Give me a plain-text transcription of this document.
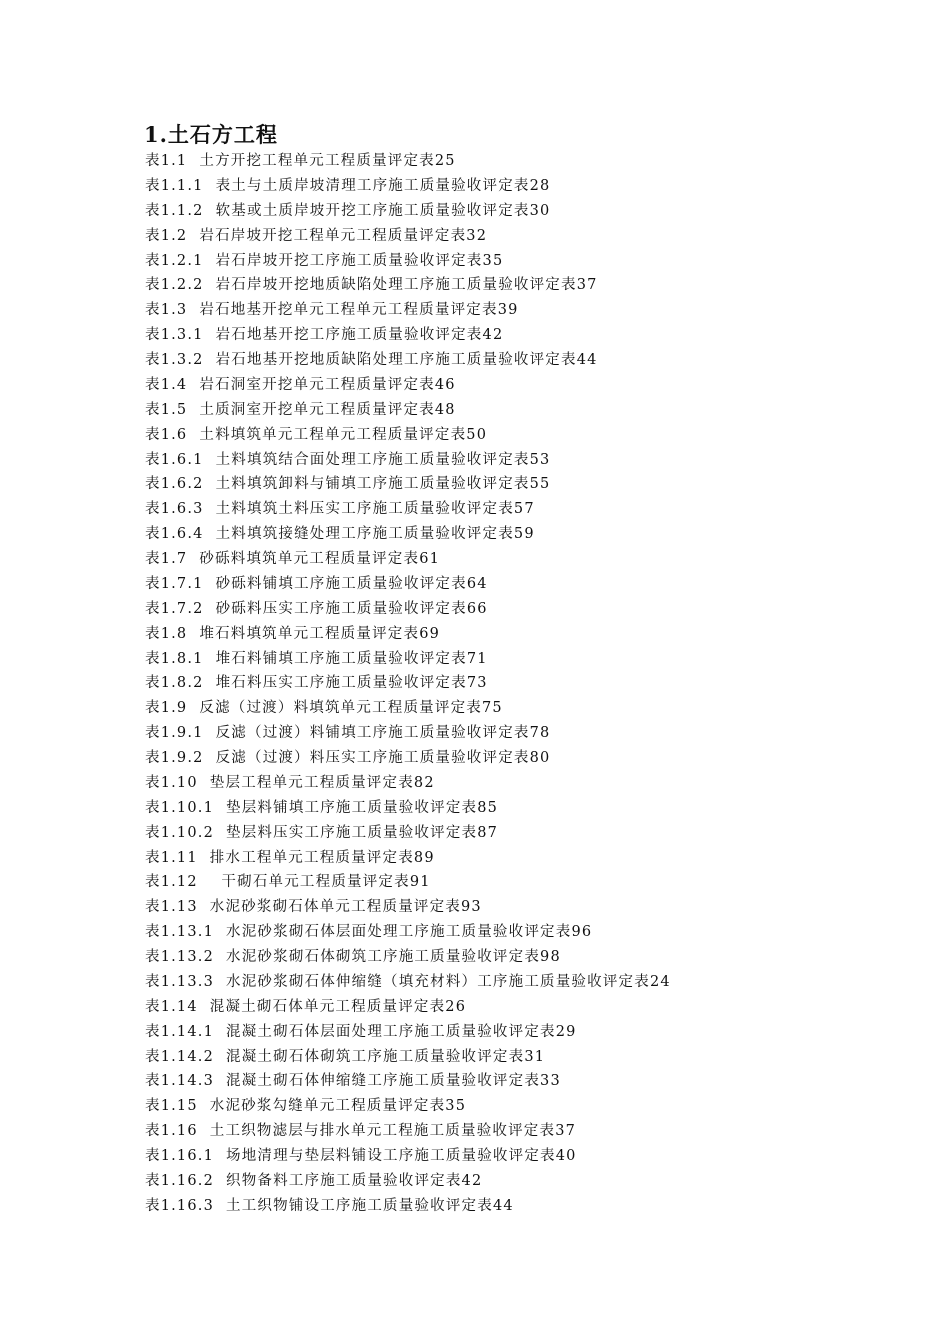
1.土石方工程
表1.1 土方开挖工程单元工程质量评定表25
表1.1.1 表土与土质岸坡清理工序施工质量验收评定表28
表1.1.2 软基或土质岸坡开挖工序施工质量验收评定表30
表1.2 岩石岸坡开挖工程单元工程质量评定表32
表1.2.1 岩石岸坡开挖工序施工质量验收评定表35
表1.2.2 岩石岸坡开挖地质缺陷处理工序施工质量验收评定表37
表1.3 岩石地基开挖单元工程单元工程质量评定表39
表1.3.1 岩石地基开挖工序施工质量验收评定表42
表1.3.2 岩石地基开挖地质缺陷处理工序施工质量验收评定表44
表1.4 岩石洞室开挖单元工程质量评定表46
表1.5 土质洞室开挖单元工程质量评定表48
表1.6 土料填筑单元工程单元工程质量评定表50
表1.6.1 土料填筑结合面处理工序施工质量验收评定表53
表1.6.2 土料填筑卸料与铺填工序施工质量验收评定表55
表1.6.3 土料填筑土料压实工序施工质量验收评定表57
表1.6.4 土料填筑接缝处理工序施工质量验收评定表59
表1.7 砂砾料填筑单元工程质量评定表61
表1.7.1 砂砾料铺填工序施工质量验收评定表64
表1.7.2 砂砾料压实工序施工质量验收评定表66
表1.8 堆石料填筑单元工程质量评定表69
表1.8.1 堆石料铺填工序施工质量验收评定表71
表1.8.2 堆石料压实工序施工质量验收评定表73
表1.9 反滤（过渡）料填筑单元工程质量评定表75
表1.9.1 反滤（过渡）料铺填工序施工质量验收评定表78
表1.9.2 反滤（过渡）料压实工序施工质量验收评定表80
表1.10 垫层工程单元工程质量评定表82
表1.10.1 垫层料铺填工序施工质量验收评定表85
表1.10.2 垫层料压实工序施工质量验收评定表87
表1.11 排水工程单元工程质量评定表89
表1.12  干砌石单元工程质量评定表91
表1.13 水泥砂浆砌石体单元工程质量评定表93
表1.13.1 水泥砂浆砌石体层面处理工序施工质量验收评定表96
表1.13.2 水泥砂浆砌石体砌筑工序施工质量验收评定表98
表1.13.3 水泥砂浆砌石体伸缩缝（填充材料）工序施工质量验收评定表24
表1.14 混凝土砌石体单元工程质量评定表26
表1.14.1 混凝土砌石体层面处理工序施工质量验收评定表29
表1.14.2 混凝土砌石体砌筑工序施工质量验收评定表31
表1.14.3 混凝土砌石体伸缩缝工序施工质量验收评定表33
表1.15 水泥砂浆勾缝单元工程质量评定表35
表1.16 土工织物滤层与排水单元工程施工质量验收评定表37
表1.16.1 场地清理与垫层料铺设工序施工质量验收评定表40
表1.16.2 织物备料工序施工质量验收评定表42
表1.16.3 土工织物铺设工序施工质量验收评定表44
